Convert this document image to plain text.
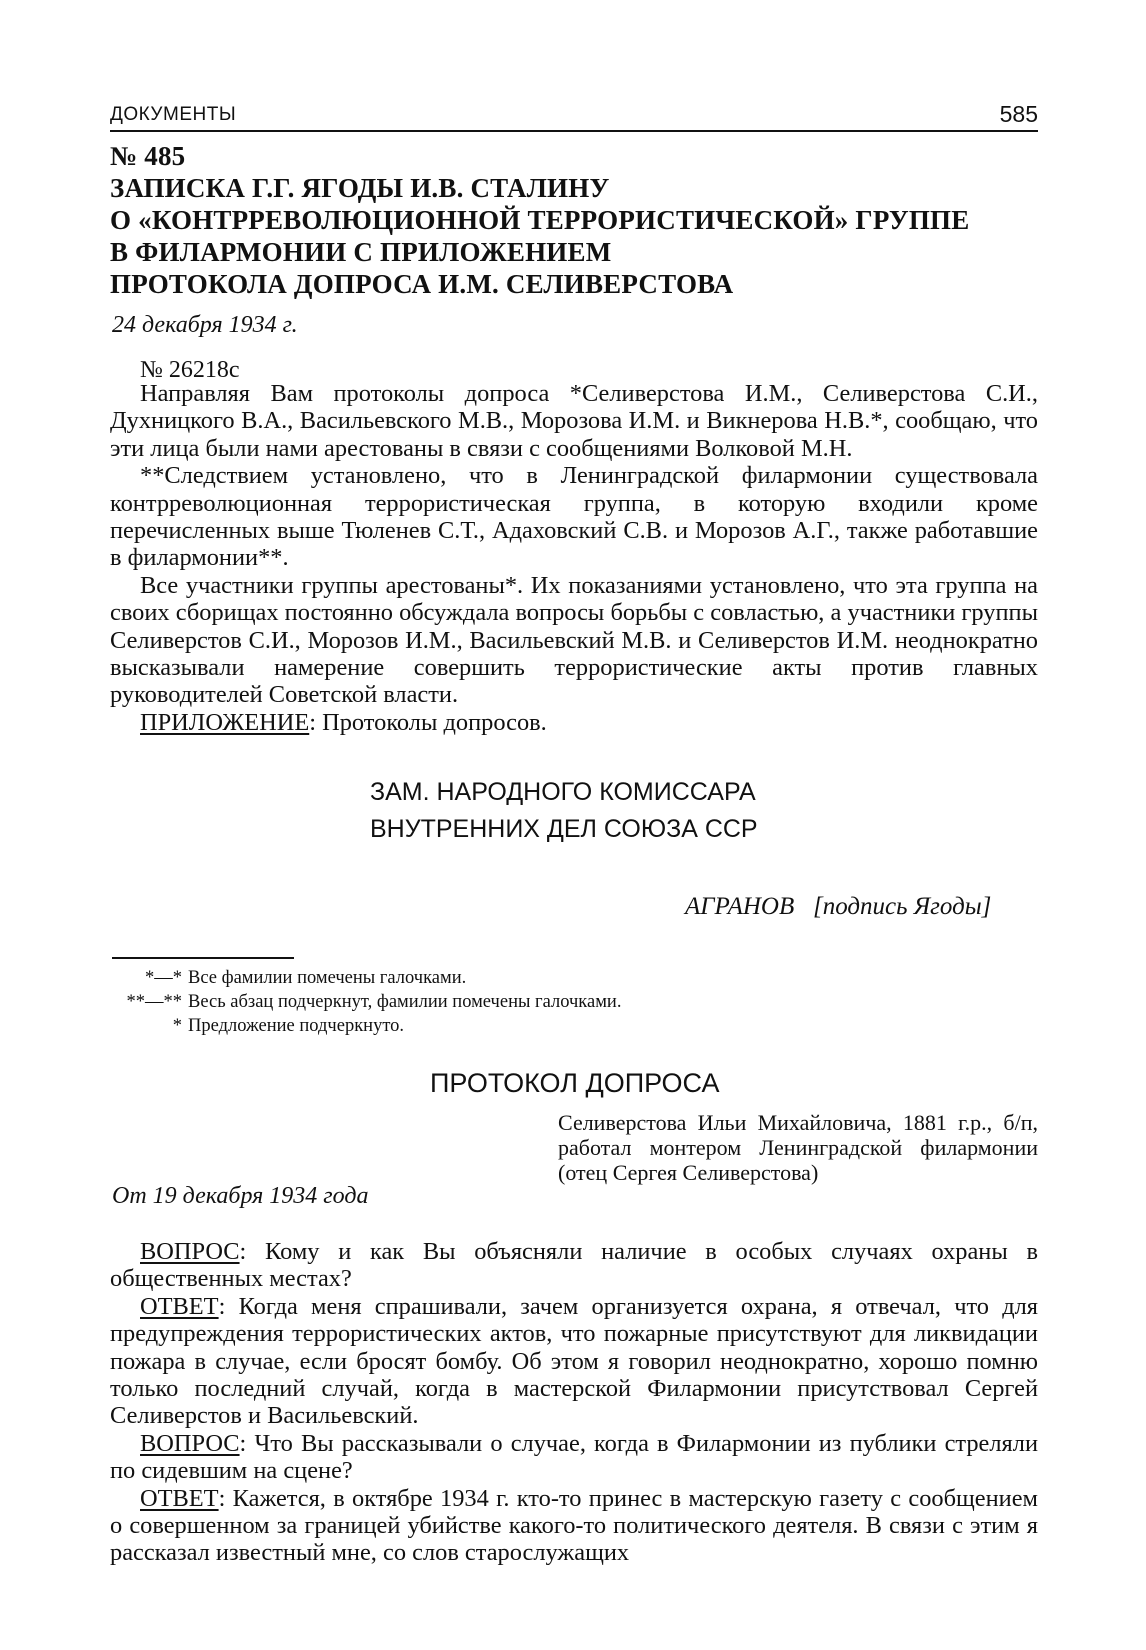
ДОКУМЕНТЫ	585
№ 485
ЗАПИСКА Г.Г. ЯГОДЫ И.В. СТАЛИНУ
О «КОНТРРЕВОЛЮЦИОННОЙ ТЕРРОРИСТИЧЕСКОЙ» ГРУППЕ
В ФИЛАРМОНИИ С ПРИЛОЖЕНИЕМ
ПРОТОКОЛА ДОПРОСА И.М. СЕЛИВЕРСТОВА
24 декабря 1934 г.
№ 26218с

Направляя Вам протоколы допроса *Селиверстова И.М., Селиверстова С.И., Духницкого В.А., Васильевского М.В., Морозова И.М. и Викнерова Н.В.*, сообщаю, что эти лица были нами арестованы в связи с сообщениями Волковой М.Н.

**Следствием установлено, что в Ленинградской филармонии существовала контрреволюционная террористическая группа, в которую входили кроме перечисленных выше Тюленев С.Т., Адаховский С.В. и Морозов А.Г., также работавшие в филармонии**.

Все участники группы арестованы*. Их показаниями установлено, что эта группа на своих сборищах постоянно обсуждала вопросы борьбы с совластью, а участники группы Селиверстов С.И., Морозов И.М., Васильевский М.В. и Селиверстов И.М. неоднократно высказывали намерение совершить террористические акты против главных руководителей Советской власти.

ПРИЛОЖЕНИЕ: Протоколы допросов.

ЗАМ. НАРОДНОГО КОМИССАРА
ВНУТРЕННИХ ДЕЛ СОЮЗА ССР
АГРАНОВ [подпись Ягоды]
*—* Все фамилии помечены галочками.
**—** Весь абзац подчеркнут, фамилии помечены галочками.
* Предложение подчеркнуто.
ПРОТОКОЛ ДОПРОСА
Селиверстова Ильи Михайловича, 1881 г.р., б/п, работал монтером Ленинградской филармонии (отец Сергея Селиверстова)
От 19 декабря 1934 года

ВОПРОС: Кому и как Вы объясняли наличие в особых случаях охраны в общественных местах?

ОТВЕТ: Когда меня спрашивали, зачем организуется охрана, я отвечал, что для предупреждения террористических актов, что пожарные присутствуют для ликвидации пожара в случае, если бросят бомбу. Об этом я говорил неоднократно, хорошо помню только последний случай, когда в мастерской Филармонии присутствовал Сергей Селиверстов и Васильевский.

ВОПРОС: Что Вы рассказывали о случае, когда в Филармонии из публики стреляли по сидевшим на сцене?

ОТВЕТ: Кажется, в октябре 1934 г. кто-то принес в мастерскую газету с сообщением о совершенном за границей убийстве какого-то политического деятеля. В связи с этим я рассказал известный мне, со слов старослужащих
